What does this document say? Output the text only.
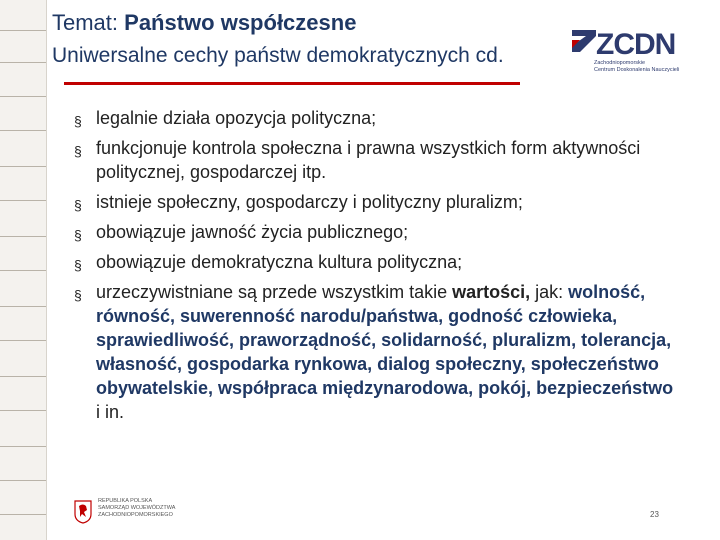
Temat: Państwo współczesne
Uniwersalne cechy państw demokratycznych cd.	ZCDN
Zachodniopomorskie
Centrum Doskonalenia Nauczycieli
§ legalnie działa opozycja polityczna;
§ funkcjonuje kontrola społeczna i prawna wszystkich form aktywności politycznej, gospodarczej itp.
§ istnieje społeczny, gospodarczy i polityczny pluralizm;
§ obowiązuje jawność życia publicznego;
§ obowiązuje demokratyczna kultura polityczna;
§ urzeczywistniane są przede wszystkim takie wartości, jak: wolność, równość, suwerenność narodu/państwa, godność człowieka, sprawiedliwość, praworządność, solidarność, pluralizm, tolerancja, własność, gospodarka rynkowa, dialog społeczny, społeczeństwo obywatelskie, współpraca międzynarodowa, pokój, bezpieczeństwo i in.
REPUBLIKA POLSKA
SAMORZĄD WOJEWÓDZTWA
ZACHODNIOPOMORSKIEGO	23
